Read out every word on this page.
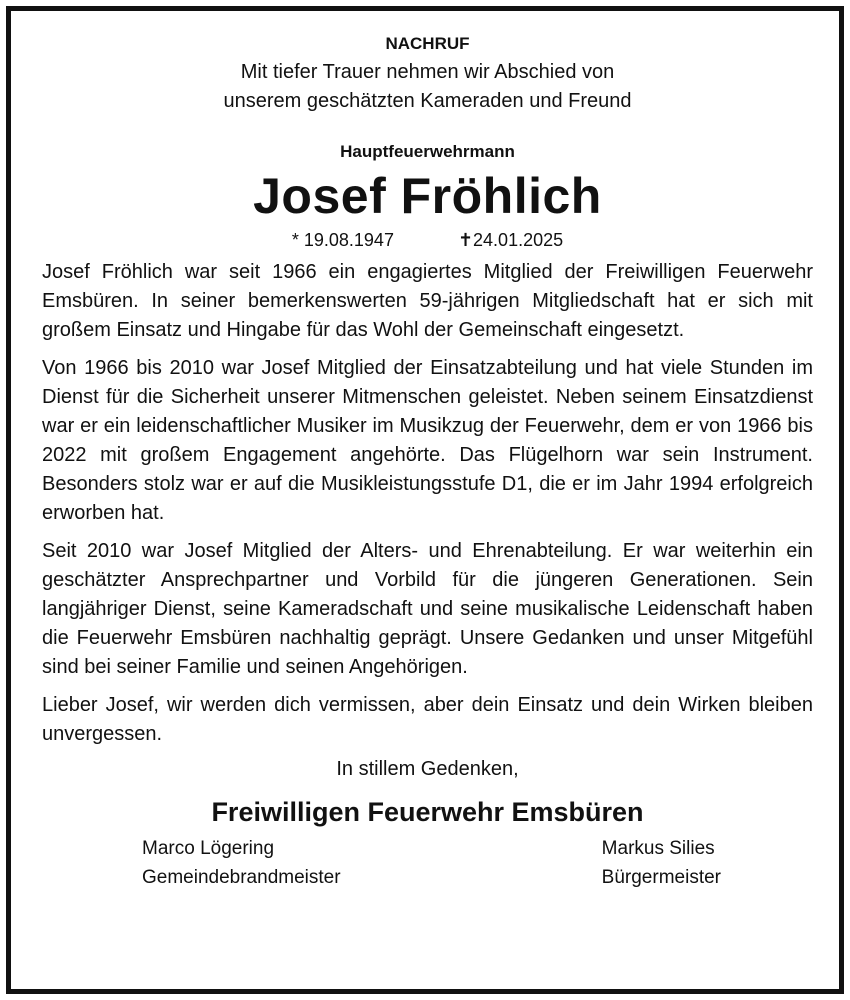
NACHRUF

Mit tiefer Trauer nehmen wir Abschied von

unserem geschätzten Kameraden und Freund

Hauptfeuerwehrmann

Josef Fröhlich

* 19.08.1947	✝24.01.2025

Josef Fröhlich war seit 1966 ein engagiertes Mitglied der Freiwilligen Feuerwehr Emsbüren. In seiner bemerkenswerten 59-jährigen Mitgliedschaft hat er sich mit großem Einsatz und Hingabe für das Wohl der Gemeinschaft eingesetzt.

Von 1966 bis 2010 war Josef Mitglied der Einsatzabteilung und hat viele Stunden im Dienst für die Sicherheit unserer Mitmenschen geleistet. Neben seinem Einsatzdienst war er ein leidenschaftlicher Musiker im Musikzug der Feuerwehr, dem er von 1966 bis 2022 mit großem Engagement angehörte. Das Flügelhorn war sein Instrument. Besonders stolz war er auf die Musikleistungsstufe D1, die er im Jahr 1994 erfolgreich erworben hat.

Seit 2010 war Josef Mitglied der Alters- und Ehrenabteilung. Er war weiterhin ein geschätzter Ansprechpartner und Vorbild für die jüngeren Generationen. Sein langjähriger Dienst, seine Kameradschaft und seine musikalische Leidenschaft haben die Feuerwehr Emsbüren nachhaltig geprägt. Unsere Gedanken und unser Mitgefühl sind bei seiner Familie und seinen Angehörigen.

Lieber Josef, wir werden dich vermissen, aber dein Einsatz und dein Wirken bleiben unvergessen.

In stillem Gedenken,

Freiwilligen Feuerwehr Emsbüren

Marco Lögering
Gemeindebrandmeister
Markus Silies
Bürgermeister
